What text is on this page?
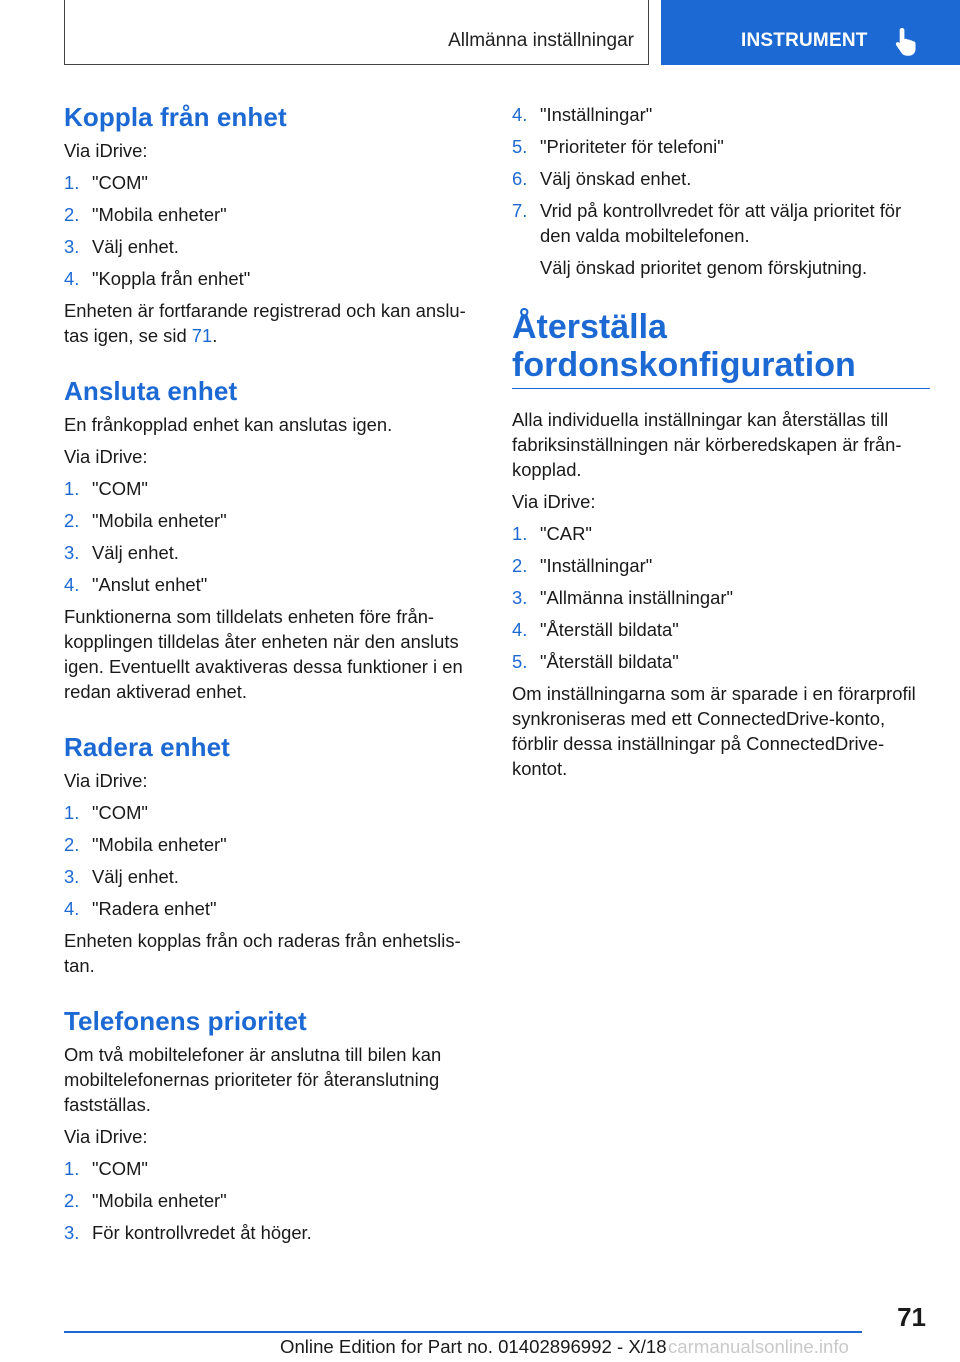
Allmänna inställningar	INSTRUMENT
Koppla från enhet

Via iDrive:

1. "COM"
2. "Mobila enheter"
3. Välj enhet.
4. "Koppla från enhet"

Enheten är fortfarande registrerad och kan anslu‐ tas igen, se sid 71.

Ansluta enhet

En frånkopplad enhet kan anslutas igen.

Via iDrive:

1. "COM"
2. "Mobila enheter"
3. Välj enhet.
4. "Anslut enhet"

Funktionerna som tilldelats enheten före från‐ kopplingen tilldelas åter enheten när den ansluts igen. Eventuellt avaktiveras dessa funktioner i en redan aktiverad enhet.

Radera enhet

Via iDrive:

1. "COM"
2. "Mobila enheter"
3. Välj enhet.
4. "Radera enhet"

Enheten kopplas från och raderas från enhetslis‐ tan.

Telefonens prioritet

Om två mobiltelefoner är anslutna till bilen kan mobiltelefonernas prioriteter för återanslutning fastställas.

Via iDrive:

1. "COM"
2. "Mobila enheter"
3. För kontrollvredet åt höger.
4. "Inställningar"
5. "Prioriteter för telefoni"
6. Välj önskad enhet.
7. Vrid på kontrollvredet för att välja prioritet för den valda mobiltelefonen.

Välj önskad prioritet genom förskjutning.

Återställa fordonskonfiguration

Alla individuella inställningar kan återställas till fabriksinställningen när körberedskapen är från‐ kopplad.

Via iDrive:

1. "CAR"
2. "Inställningar"
3. "Allmänna inställningar"
4. "Återställ bildata"
5. "Återställ bildata"

Om inställningarna som är sparade i en förarprofil synkroniseras med ett ConnectedDrive-konto, förblir dessa inställningar på ConnectedDrive- kontot.

71
Online Edition for Part no. 01402896992 - X/18 carmanualsonline.info
